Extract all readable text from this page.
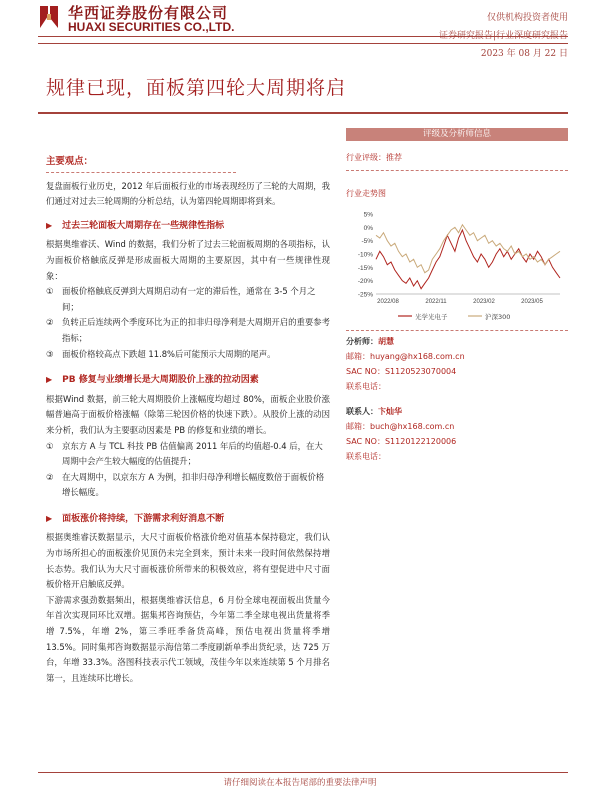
华西证券股份有限公司
HUAXI SECURITIES CO.,LTD.
仅供机构投资者使用
证券研究报告|行业深度研究报告
2023 年 08 月 22 日
规律已现，面板第四轮大周期将启
主要观点：

复盘面板行业历史，2012 年后面板行业的市场表现经历了三轮的大周期，我们通过对过去三轮周期的分析总结，认为第四轮周期即将到来。

▶ 过去三轮面板大周期存在一些规律性指标

根据奥维睿沃、Wind 的数据，我们分析了过去三轮面板周期的各项指标，认为面板价格触底反弹是形成面板大周期的主要原因，其中有一些规律性现象：

①	面板价格触底反弹到大周期启动有一定的滞后性，通常在 3-5 个月之间；
②	负转正后连续两个季度环比为正的扣非归母净利是大周期开启的重要参考指标；
③	面板价格较高点下跌超 11.8%后可能预示大周期的尾声。
▶ PB 修复与业绩增长是大周期股价上涨的拉动因素

根据Wind 数据，前三轮大周期股价上涨幅度均超过 80%，面板企业股价涨幅普遍高于面板价格涨幅（除第三轮因价格的快速下跌）。从股价上涨的动因来分析，我们认为主要驱动因素是 PB 的修复和业绩的增长。

①	京东方 A 与 TCL 科技 PB 估值偏离 2011 年后的均值超-0.4 后，在大周期中会产生较大幅度的估值提升；
②	在大周期中，以京东方 A 为例，扣非归母净利增长幅度数倍于面板价格增长幅度。
▶ 面板涨价将持续，下游需求利好消息不断

根据奥维睿沃数据显示，大尺寸面板价格涨价绝对值基本保持稳定，我们认为市场所担心的面板涨价见顶仍未完全到来，预计未来一段时间依然保持增长态势。我们认为大尺寸面板涨价所带来的积极效应，将有望促进中尺寸面板价格开启触底反弹。

下游需求强劲数据频出，根据奥维睿沃信息，6 月份全球电视面板出货量今年首次实现同环比双增。据集邦咨询预估，今年第二季全球电视出货量将季增 7.5%，年增 2%，第三季旺季备货高峰，预估电视出货量将季增 13.5%。同时集邦咨询数据显示海信第二季度刷新单季出货纪录，达 725 万台，年增 33.3%。洛图科技表示代工领域，茂佳今年以来连续第 5 个月排名第一，且连续环比增长。

评级及分析师信息
行业评级：推荐
行业走势图
5%
0%
-5%
-10%
-15%
-20%
-25%
2022/08	2022/11	2023/02	2023/05
光学光电子	沪深300
分析师：胡慧
邮箱：huyang@hx168.com.cn
SAC NO：S1120523070004
联系电话：
联系人：卞灿华
邮箱：buch@hx168.com.cn
SAC NO：S1120122120006
联系电话：
请仔细阅读在本报告尾部的重要法律声明
